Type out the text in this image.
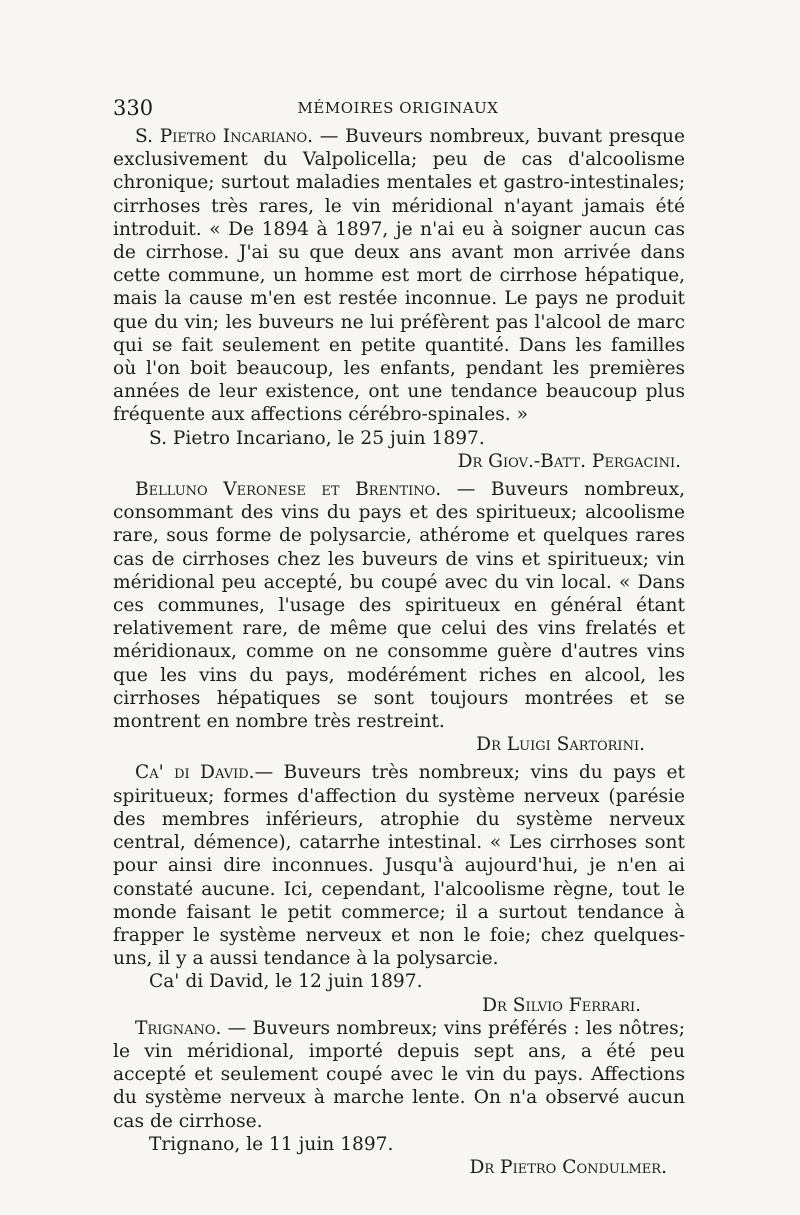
330	MÉMOIRES ORIGINAUX

S. Pietro Incariano. — Buveurs nombreux, buvant presque exclusivement du Valpolicella; peu de cas d'alcoolisme chronique; surtout maladies mentales et gastro-intestinales; cirrhoses très rares, le vin méridional n'ayant jamais été introduit. « De 1894 à 1897, je n'ai eu à soigner aucun cas de cirrhose. J'ai su que deux ans avant mon arrivée dans cette commune, un homme est mort de cirrhose hépatique, mais la cause m'en est restée inconnue. Le pays ne produit que du vin; les buveurs ne lui préfèrent pas l'alcool de marc qui se fait seulement en petite quantité. Dans les familles où l'on boit beaucoup, les enfants, pendant les premières années de leur existence, ont une tendance beaucoup plus fréquente aux affections cérébro-spinales. »

S. Pietro Incariano, le 25 juin 1897.

Dr Giov.-Batt. Pergacini.

Belluno Veronese et Brentino. — Buveurs nombreux, consommant des vins du pays et des spiritueux; alcoolisme rare, sous forme de polysarcie, athérome et quelques rares cas de cirrhoses chez les buveurs de vins et spiritueux; vin méridional peu accepté, bu coupé avec du vin local. « Dans ces communes, l'usage des spiritueux en général étant relativement rare, de même que celui des vins frelatés et méridionaux, comme on ne consomme guère d'autres vins que les vins du pays, modérément riches en alcool, les cirrhoses hépatiques se sont toujours montrées et se montrent en nombre très restreint.

Dr Luigi Sartorini.

Ca' di David.— Buveurs très nombreux; vins du pays et spiritueux; formes d'affection du système nerveux (parésie des membres inférieurs, atrophie du système nerveux central, démence), catarrhe intestinal. « Les cirrhoses sont pour ainsi dire inconnues. Jusqu'à aujourd'hui, je n'en ai constaté aucune. Ici, cependant, l'alcoolisme règne, tout le monde faisant le petit commerce; il a surtout tendance à frapper le système nerveux et non le foie; chez quelques-uns, il y a aussi tendance à la polysarcie.

Ca' di David, le 12 juin 1897.

Dr Silvio Ferrari.

Trignano. — Buveurs nombreux; vins préférés : les nôtres; le vin méridional, importé depuis sept ans, a été peu accepté et seulement coupé avec le vin du pays. Affections du système nerveux à marche lente. On n'a observé aucun cas de cirrhose.

Trignano, le 11 juin 1897.

Dr Pietro Condulmer.
